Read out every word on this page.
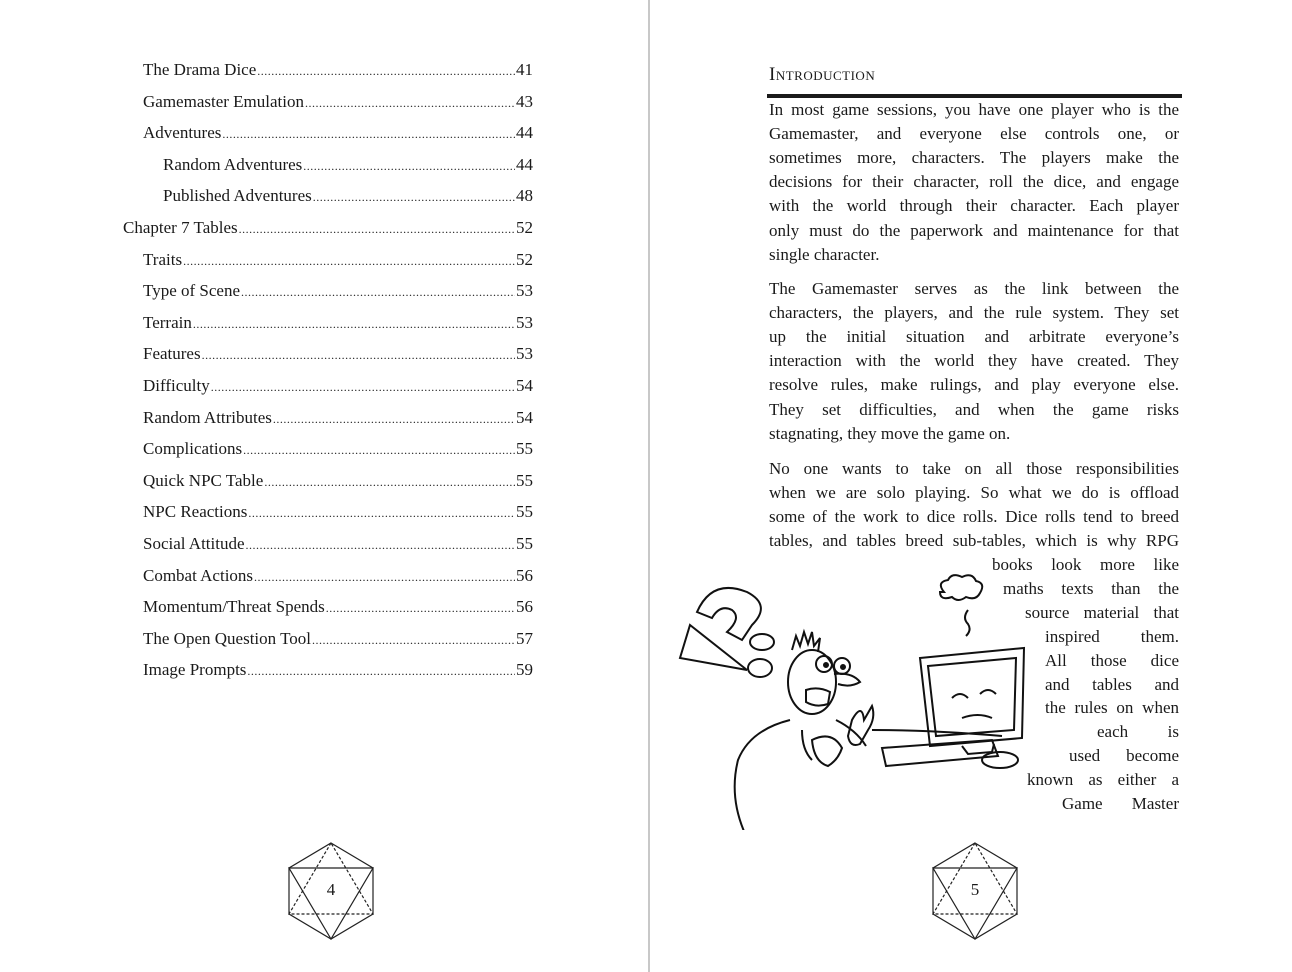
The Drama Dice .....	41
Gamemaster Emulation .....	43
Adventures .....	44
Random Adventures .....	44
Published Adventures .....	48
Chapter 7 Tables .....	52
Traits .....	52
Type of Scene .....	53
Terrain .....	53
Features .....	53
Difficulty .....	54
Random Attributes .....	54
Complications .....	55
Quick NPC Table .....	55
NPC Reactions .....	55
Social Attitude .....	55
Combat Actions .....	56
Momentum/Threat Spends .....	56
The Open Question Tool .....	57
Image Prompts .....	59
Introduction
In most game sessions, you have one player who is the
Gamemaster, and everyone else controls one, or
sometimes more, characters. The players make the
decisions for their character, roll the dice, and engage
with the world through their character. Each player
only must do the paperwork and maintenance for that
single character.
The Gamemaster serves as the link between the
characters, the players, and the rule system. They set
up the initial situation and arbitrate everyone’s
interaction with the world they have created. They
resolve rules, make rulings, and play everyone else.
They set difficulties, and when the game risks
stagnating, they move the game on.
No one wants to take on all those responsibilities
when we are solo playing. So what we do is offload
some of the work to dice rolls. Dice rolls tend to breed
tables, and tables breed sub-tables, which is why RPG
books look more like
maths texts than the
source material that
inspired them.
All those dice
and tables and
the rules on when
each is
used become
known as either a
Game Master
4	5
